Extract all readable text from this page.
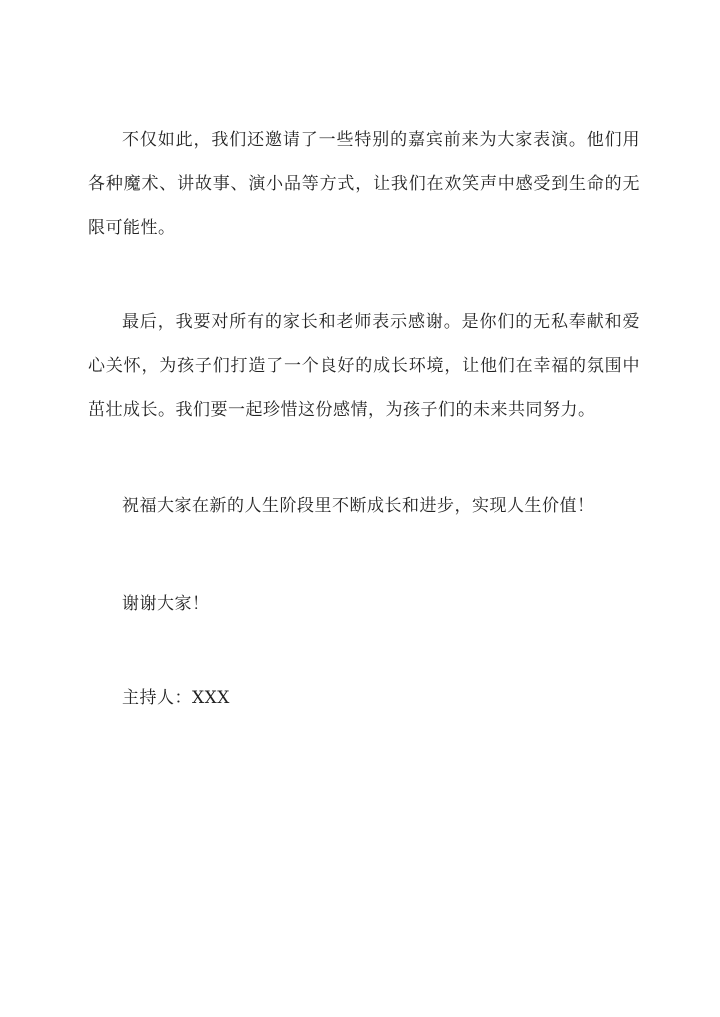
不仅如此，我们还邀请了一些特别的嘉宾前来为大家表演。他们用各种魔术、讲故事、演小品等方式，让我们在欢笑声中感受到生命的无限可能性。

最后，我要对所有的家长和老师表示感谢。是你们的无私奉献和爱心关怀，为孩子们打造了一个良好的成长环境，让他们在幸福的氛围中茁壮成长。我们要一起珍惜这份感情，为孩子们的未来共同努力。

祝福大家在新的人生阶段里不断成长和进步，实现人生价值！

谢谢大家！

主持人：XXX
